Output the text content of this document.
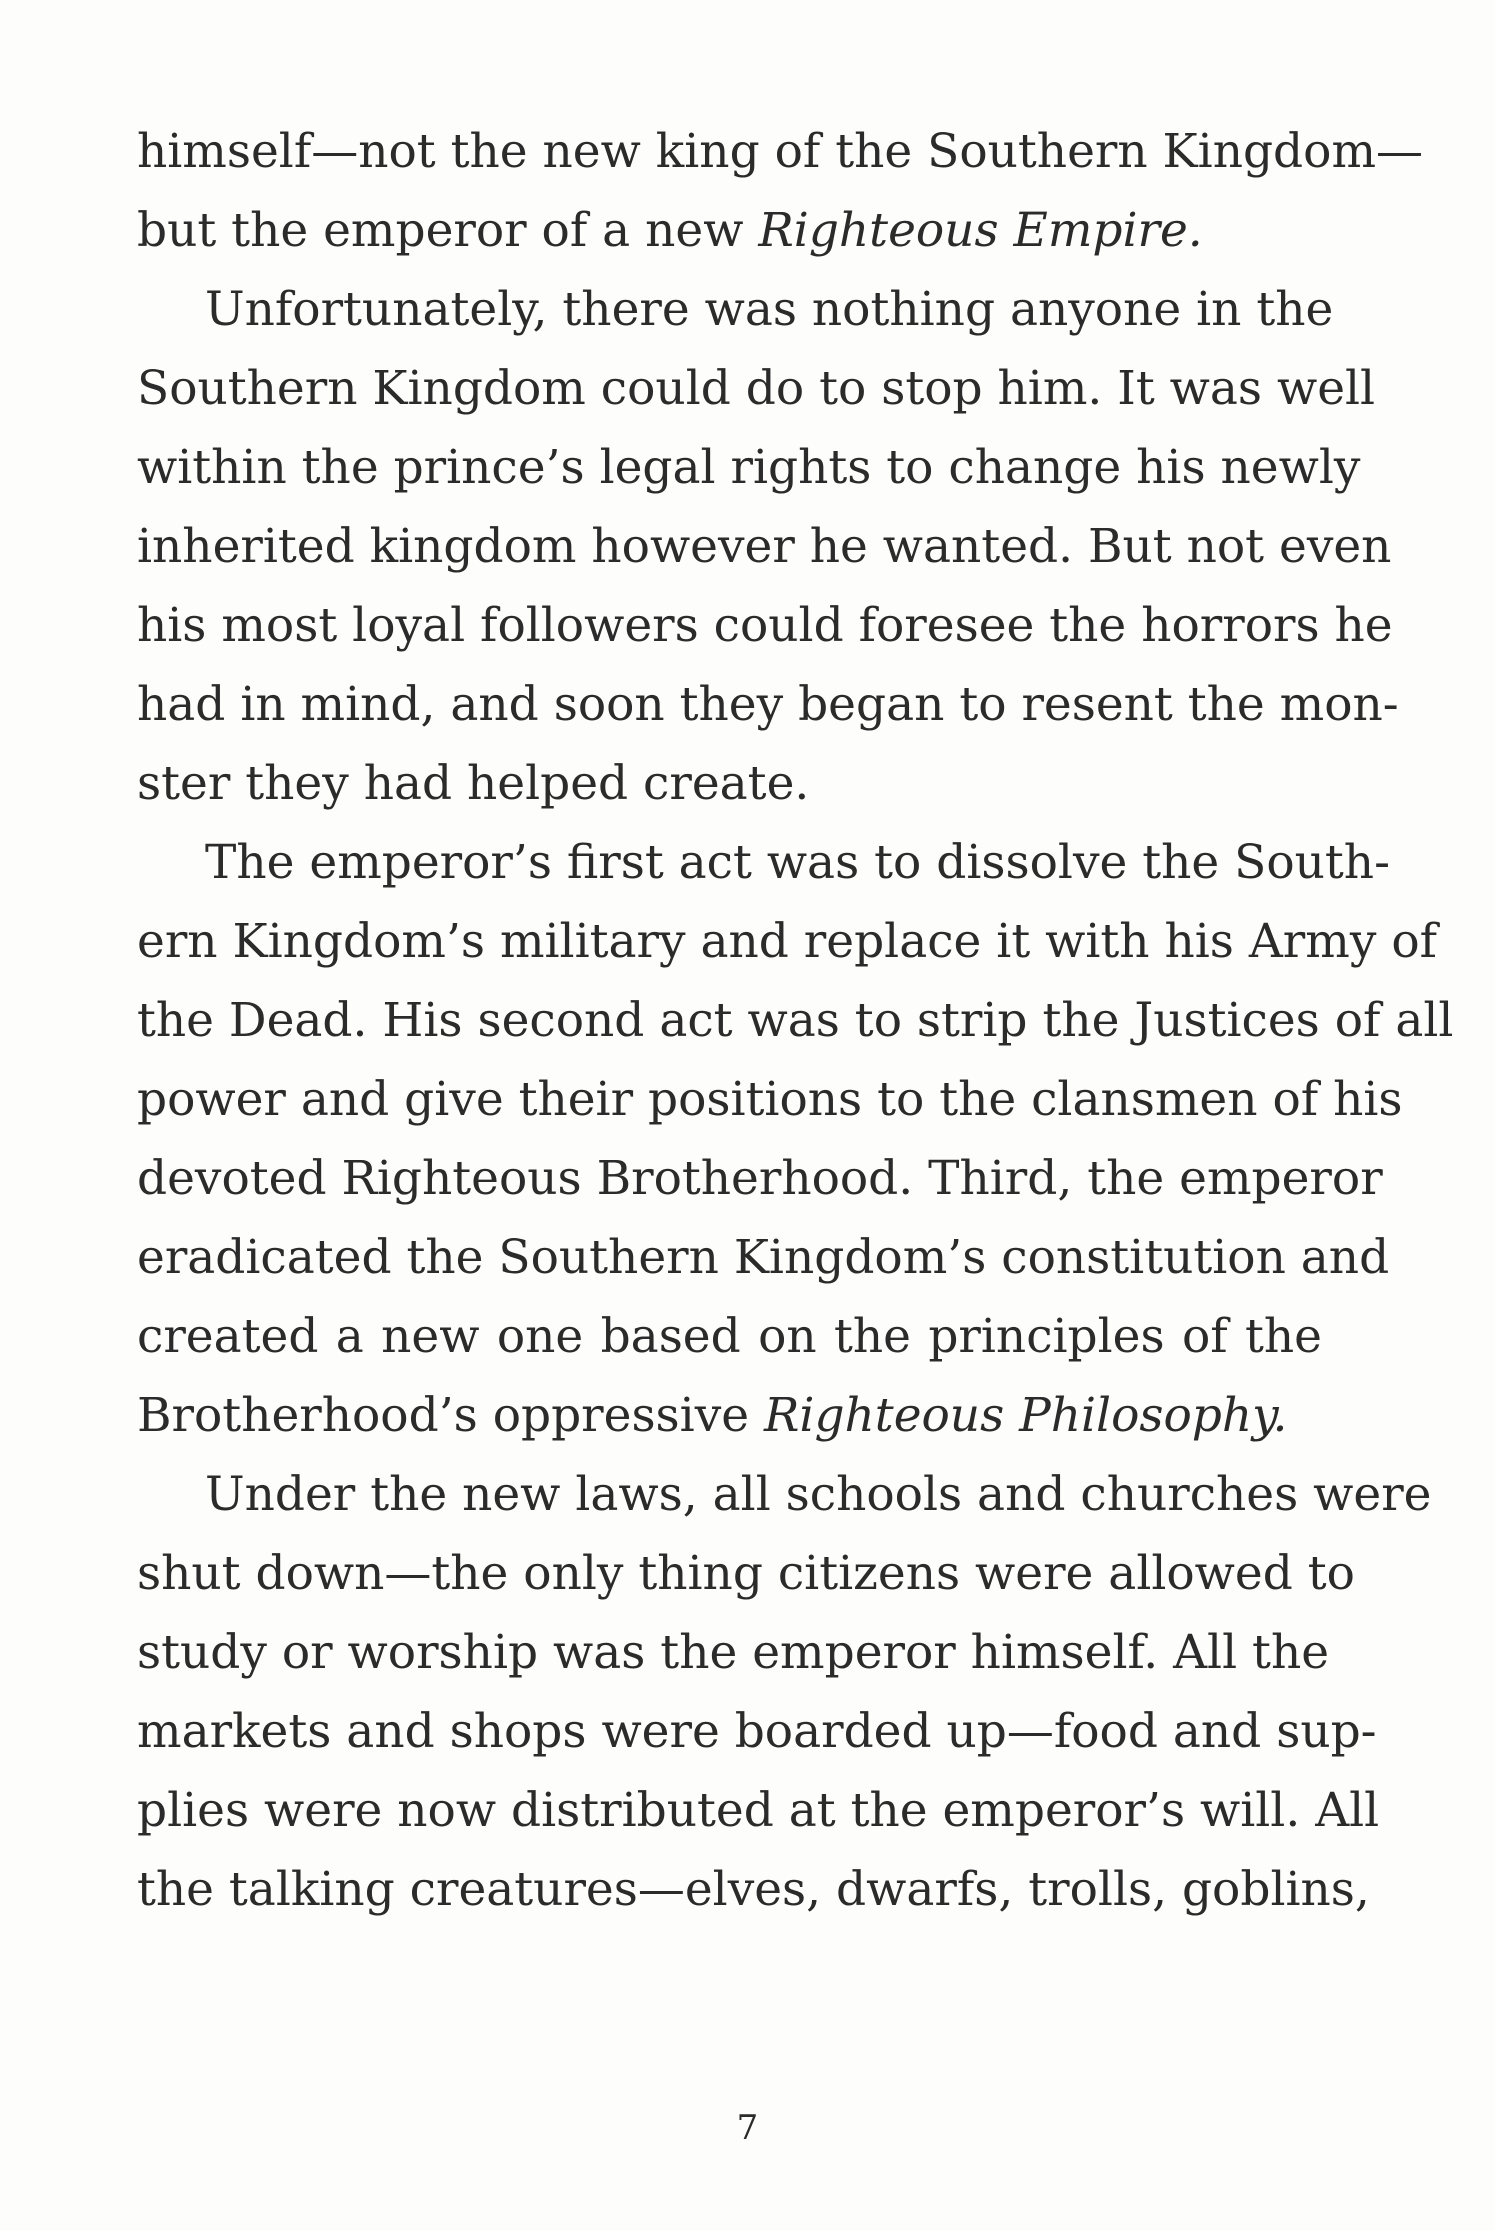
himself—not the new king of the Southern Kingdom—
but the emperor of a new Righteous Empire.

Unfortunately, there was nothing anyone in the
Southern Kingdom could do to stop him. It was well
within the prince’s legal rights to change his newly
inherited kingdom however he wanted. But not even
his most loyal followers could foresee the horrors he
had in mind, and soon they began to resent the mon-
ster they had helped create.

The emperor’s first act was to dissolve the South-
ern Kingdom’s military and replace it with his Army of
the Dead. His second act was to strip the Justices of all
power and give their positions to the clansmen of his
devoted Righteous Brotherhood. Third, the emperor
eradicated the Southern Kingdom’s constitution and
created a new one based on the principles of the
Brotherhood’s oppressive Righteous Philosophy.

Under the new laws, all schools and churches were
shut down—the only thing citizens were allowed to
study or worship was the emperor himself. All the
markets and shops were boarded up—food and sup-
plies were now distributed at the emperor’s will. All
the talking creatures—elves, dwarfs, trolls, goblins,

7
